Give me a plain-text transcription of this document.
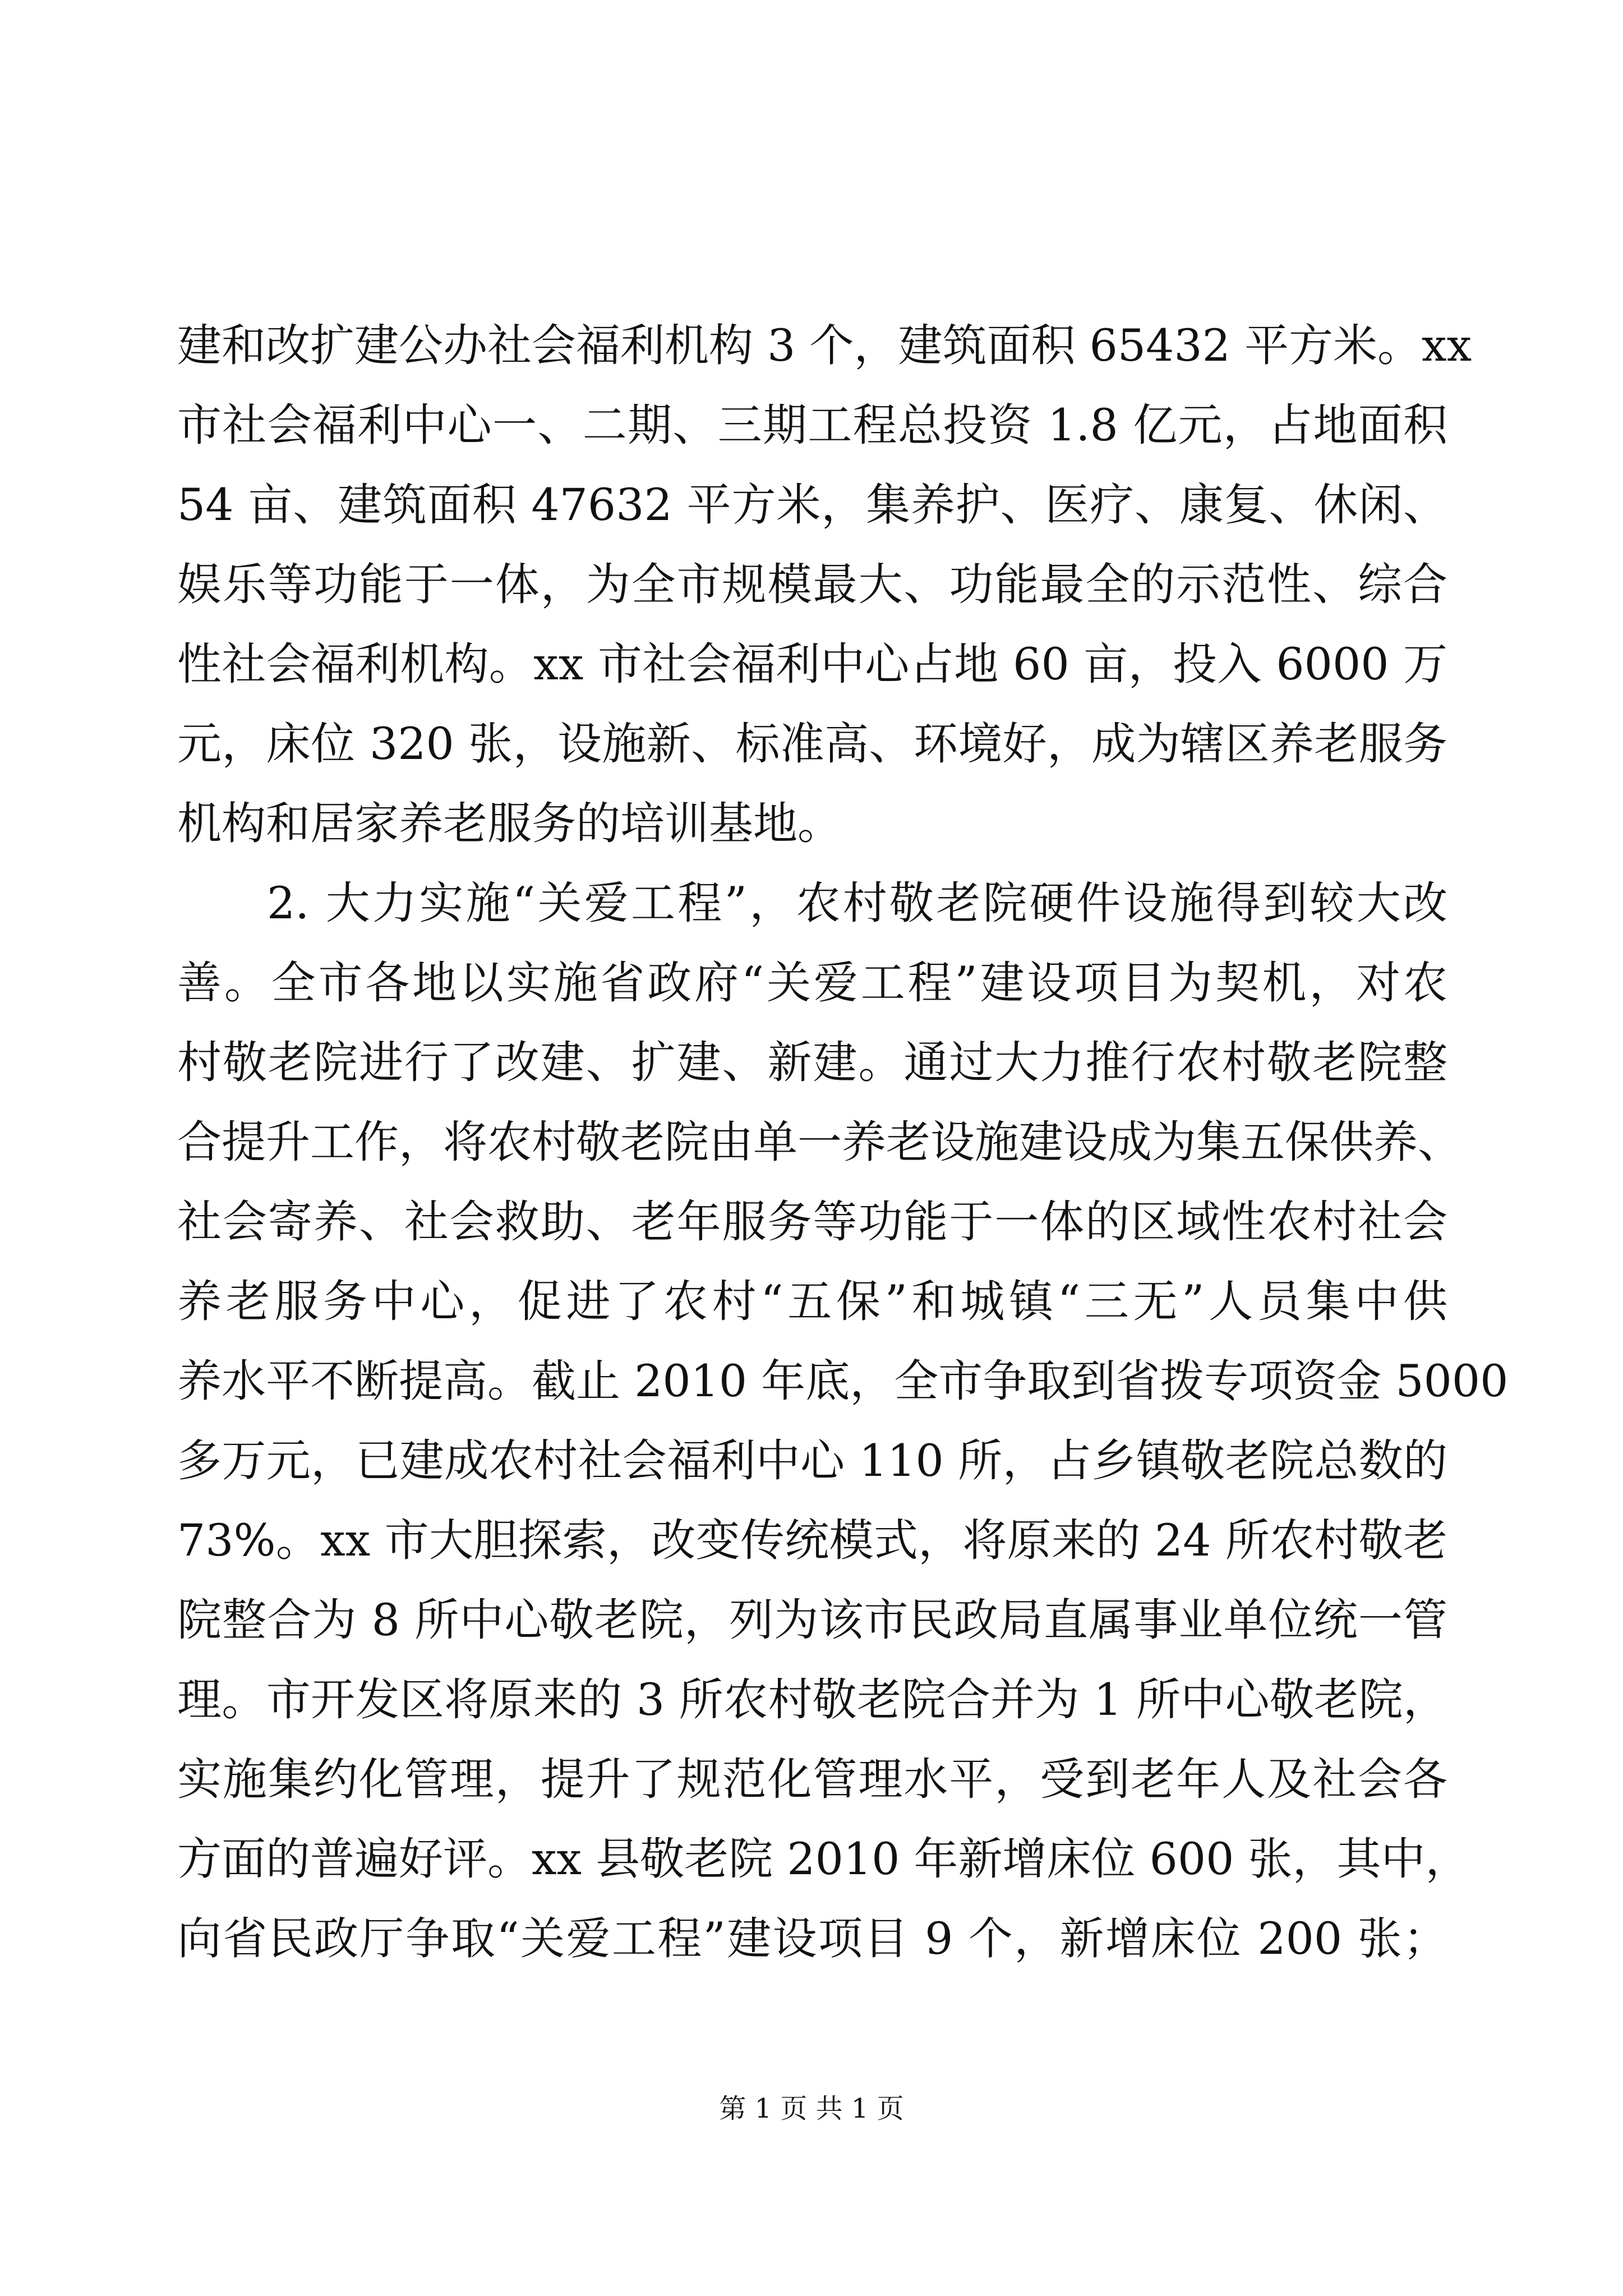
建和改扩建公办社会福利机构 3 个，建筑面积 65432 平方米。xx
市社会福利中心一、二期、三期工程总投资 1.8 亿元，占地面积
54 亩、建筑面积 47632 平方米，集养护、医疗、康复、休闲、
娱乐等功能于一体，为全市规模最大、功能最全的示范性、综合
性社会福利机构。xx 市社会福利中心占地 60 亩，投入 6000 万
元，床位 320 张，设施新、标准高、环境好，成为辖区养老服务
机构和居家养老服务的培训基地。
2. 大力实施“关爱工程”，农村敬老院硬件设施得到较大改
善。全市各地以实施省政府“关爱工程”建设项目为契机，对农
村敬老院进行了改建、扩建、新建。通过大力推行农村敬老院整
合提升工作，将农村敬老院由单一养老设施建设成为集五保供养、
社会寄养、社会救助、老年服务等功能于一体的区域性农村社会
养老服务中心，促进了农村“五保”和城镇“三无”人员集中供
养水平不断提高。截止 2010 年底，全市争取到省拨专项资金 5000
多万元，已建成农村社会福利中心 110 所，占乡镇敬老院总数的
73%。xx 市大胆探索，改变传统模式，将原来的 24 所农村敬老
院整合为 8 所中心敬老院，列为该市民政局直属事业单位统一管
理。市开发区将原来的 3 所农村敬老院合并为 1 所中心敬老院，
实施集约化管理，提升了规范化管理水平，受到老年人及社会各
方面的普遍好评。xx 县敬老院 2010 年新增床位 600 张，其中，
向省民政厅争取“关爱工程”建设项目 9 个，新增床位 200 张；
第 1 页 共 1 页
